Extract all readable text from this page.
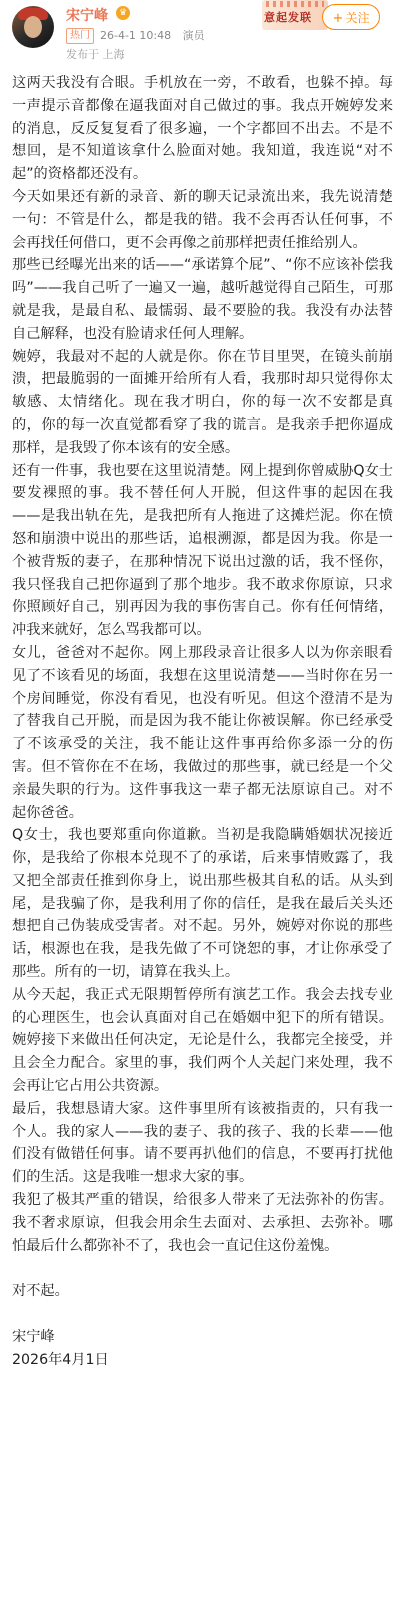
宋宁峰	♛
热门 26-4-1 10:48 演员
发布于 上海
意起发联	+ 关注

这两天我没有合眼。手机放在一旁，不敢看，也躲不掉。每一声提示音都像在逼我面对自己做过的事。我点开婉婷发来的消息，反反复复看了很多遍，一个字都回不出去。不是不想回，是不知道该拿什么脸面对她。我知道，我连说“对不起”的资格都还没有。

今天如果还有新的录音、新的聊天记录流出来，我先说清楚一句：不管是什么，都是我的错。我不会再否认任何事，不会再找任何借口，更不会再像之前那样把责任推给别人。

那些已经曝光出来的话——“承诺算个屁”、“你不应该补偿我吗”——我自己听了一遍又一遍，越听越觉得自己陌生，可那就是我，是最自私、最懦弱、最不要脸的我。我没有办法替自己解释，也没有脸请求任何人理解。

婉婷，我最对不起的人就是你。你在节目里哭，在镜头前崩溃，把最脆弱的一面摊开给所有人看，我那时却只觉得你太敏感、太情绪化。现在我才明白，你的每一次不安都是真的，你的每一次直觉都看穿了我的谎言。是我亲手把你逼成那样，是我毁了你本该有的安全感。

还有一件事，我也要在这里说清楚。网上提到你曾威胁Q女士要发裸照的事。我不替任何人开脱，但这件事的起因在我——是我出轨在先，是我把所有人拖进了这摊烂泥。你在愤怒和崩溃中说出的那些话，追根溯源，都是因为我。你是一个被背叛的妻子，在那种情况下说出过激的话，我不怪你，我只怪我自己把你逼到了那个地步。我不敢求你原谅，只求你照顾好自己，别再因为我的事伤害自己。你有任何情绪，冲我来就好，怎么骂我都可以。

女儿，爸爸对不起你。网上那段录音让很多人以为你亲眼看见了不该看见的场面，我想在这里说清楚——当时你在另一个房间睡觉，你没有看见，也没有听见。但这个澄清不是为了替我自己开脱，而是因为我不能让你被误解。你已经承受了不该承受的关注，我不能让这件事再给你多添一分的伤害。但不管你在不在场，我做过的那些事，就已经是一个父亲最失职的行为。这件事我这一辈子都无法原谅自己。对不起你爸爸。

Q女士，我也要郑重向你道歉。当初是我隐瞒婚姻状况接近你，是我给了你根本兑现不了的承诺，后来事情败露了，我又把全部责任推到你身上，说出那些极其自私的话。从头到尾，是我骗了你，是我利用了你的信任，是我在最后关头还想把自己伪装成受害者。对不起。另外，婉婷对你说的那些话，根源也在我，是我先做了不可饶恕的事，才让你承受了那些。所有的一切，请算在我头上。

从今天起，我正式无限期暂停所有演艺工作。我会去找专业的心理医生，也会认真面对自己在婚姻中犯下的所有错误。婉婷接下来做出任何决定，无论是什么，我都完全接受，并且会全力配合。家里的事，我们两个人关起门来处理，我不会再让它占用公共资源。

最后，我想恳请大家。这件事里所有该被指责的，只有我一个人。我的家人——我的妻子、我的孩子、我的长辈——他们没有做错任何事。请不要再扒他们的信息，不要再打扰他们的生活。这是我唯一想求大家的事。

我犯了极其严重的错误，给很多人带来了无法弥补的伤害。我不奢求原谅，但我会用余生去面对、去承担、去弥补。哪怕最后什么都弥补不了，我也会一直记住这份羞愧。

对不起。

宋宁峰

2026年4月1日
